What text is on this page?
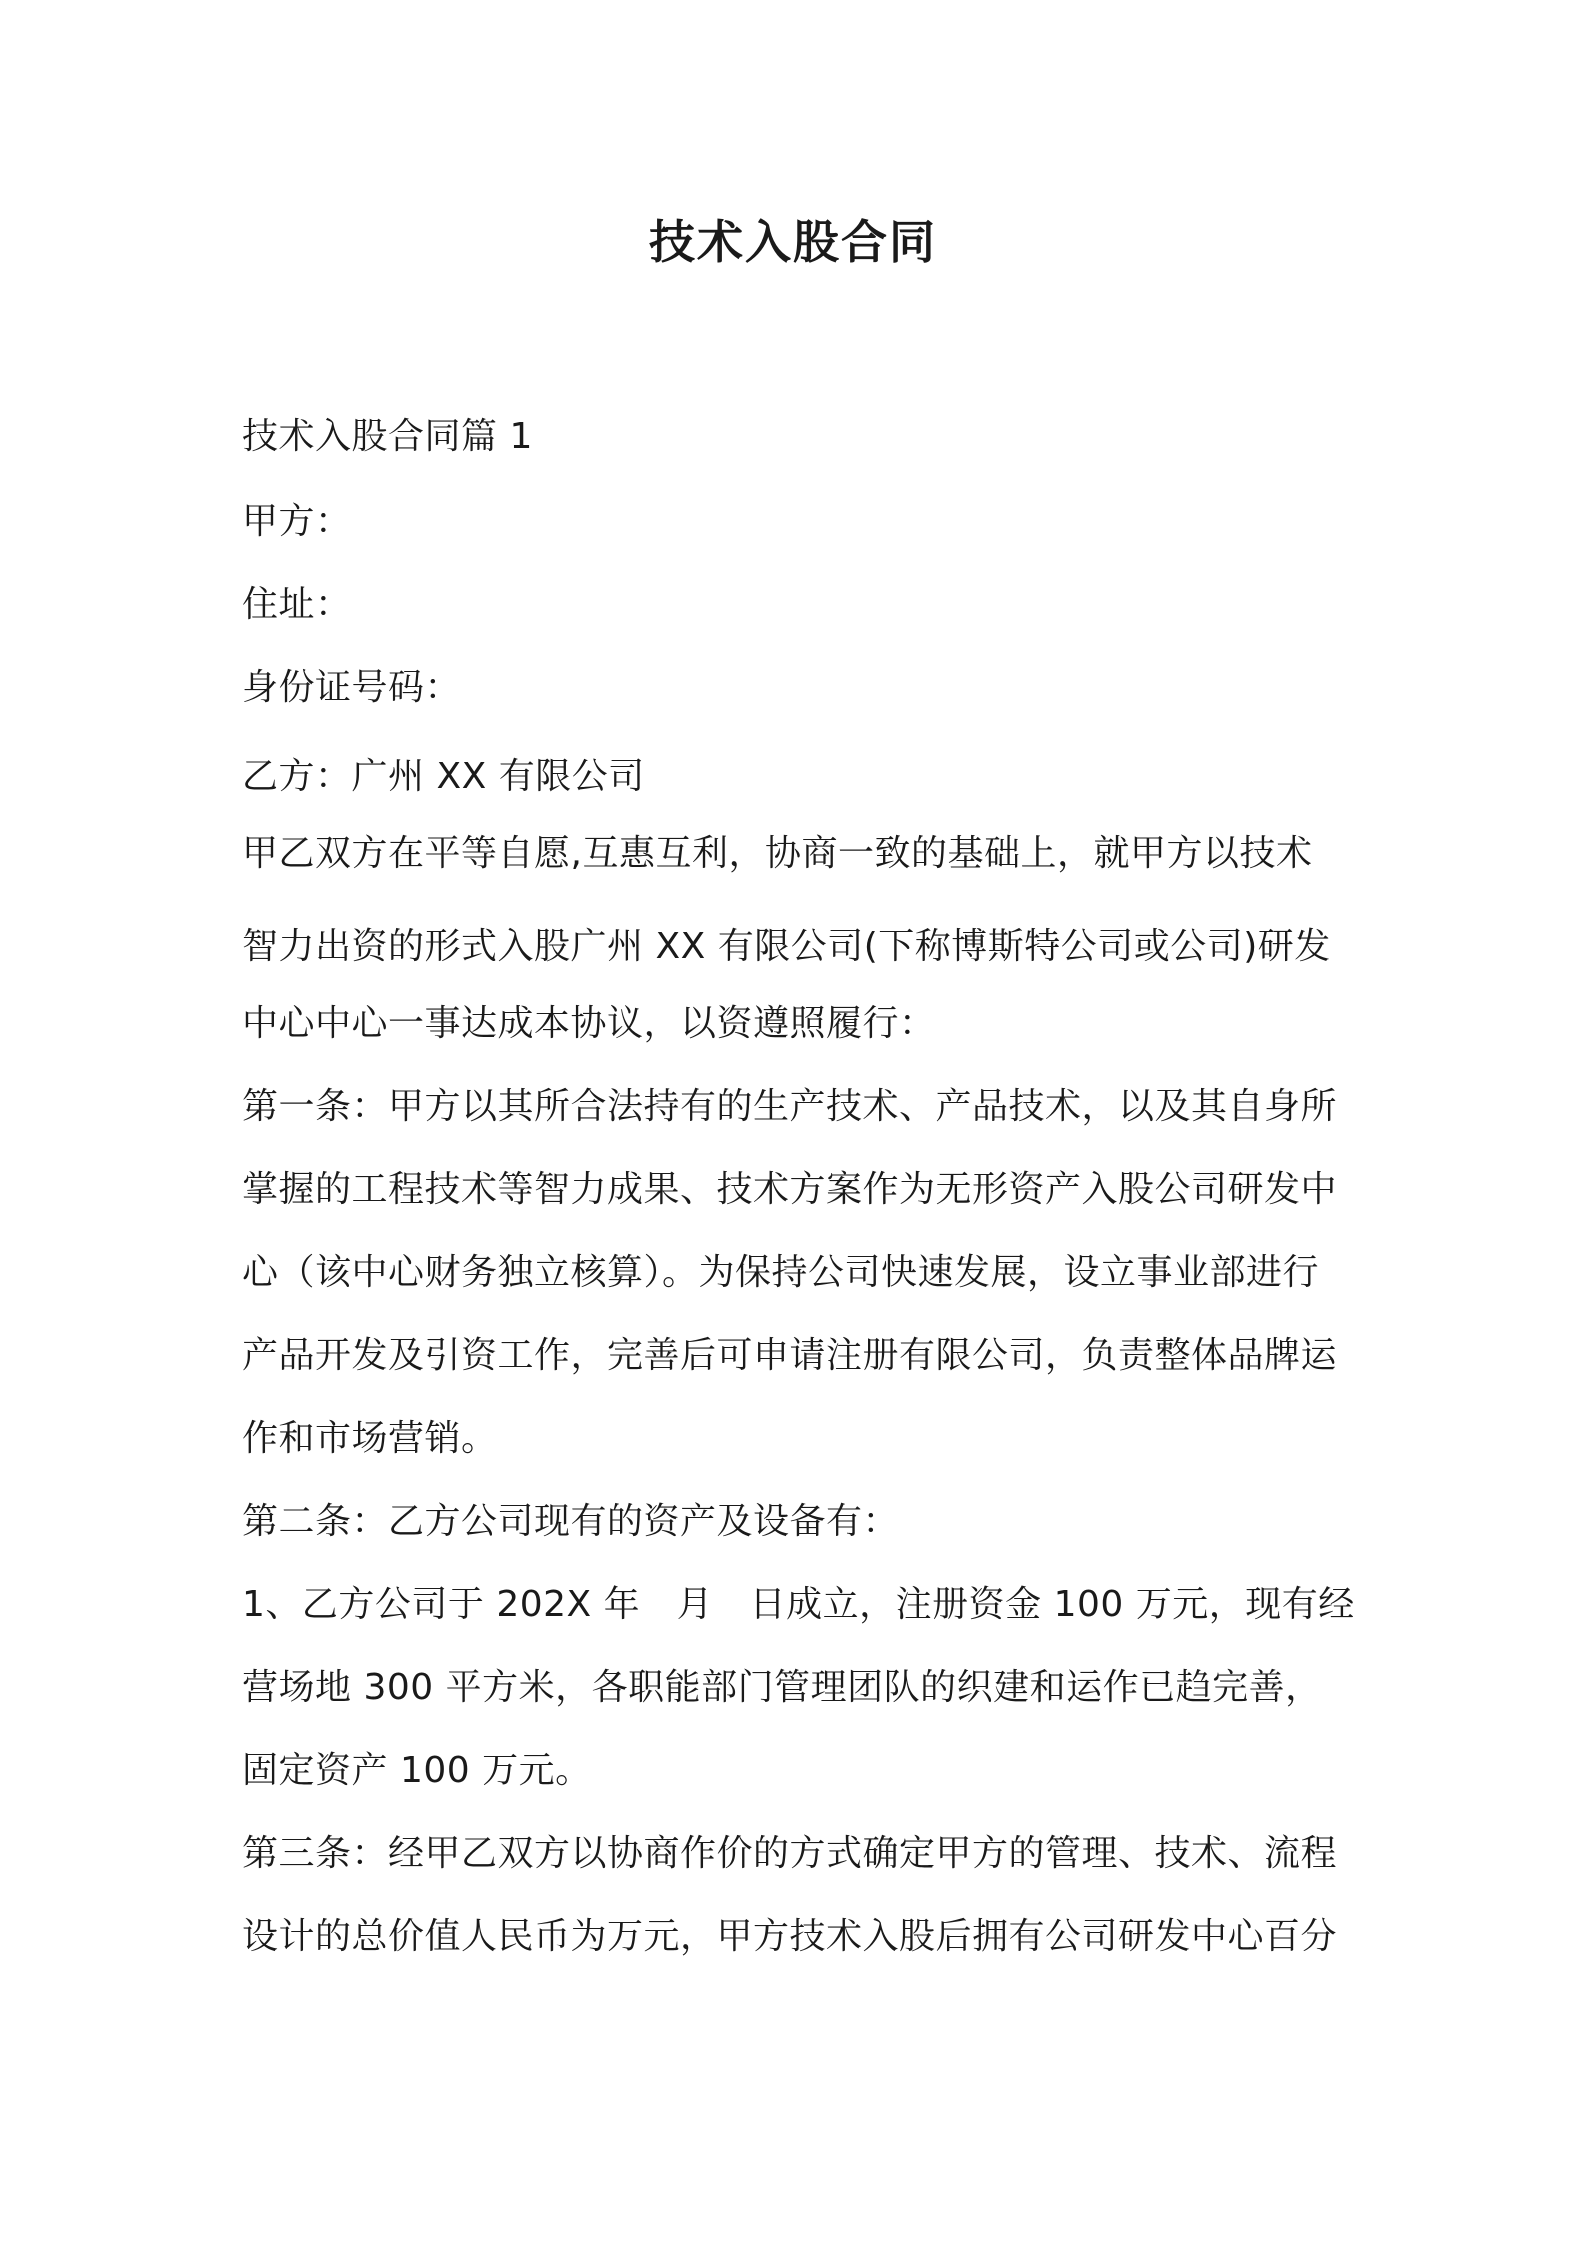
技术入股合同
技术入股合同篇 1
甲方：
住址：
身份证号码：
乙方：广州 XX 有限公司
甲乙双方在平等自愿,互惠互利，协商一致的基础上，就甲方以技术
智力出资的形式入股广州 XX 有限公司(下称博斯特公司或公司)研发
中心中心一事达成本协议，以资遵照履行：
第一条：甲方以其所合法持有的生产技术、产品技术，以及其自身所
掌握的工程技术等智力成果、技术方案作为无形资产入股公司研发中
心（该中心财务独立核算）。为保持公司快速发展，设立事业部进行
产品开发及引资工作，完善后可申请注册有限公司，负责整体品牌运
作和市场营销。
第二条：乙方公司现有的资产及设备有：
1、乙方公司于 202X 年　月　日成立，注册资金 100 万元，现有经
营场地 300 平方米，各职能部门管理团队的织建和运作已趋完善，
固定资产 100 万元。
第三条：经甲乙双方以协商作价的方式确定甲方的管理、技术、流程
设计的总价值人民币为万元，甲方技术入股后拥有公司研发中心百分
